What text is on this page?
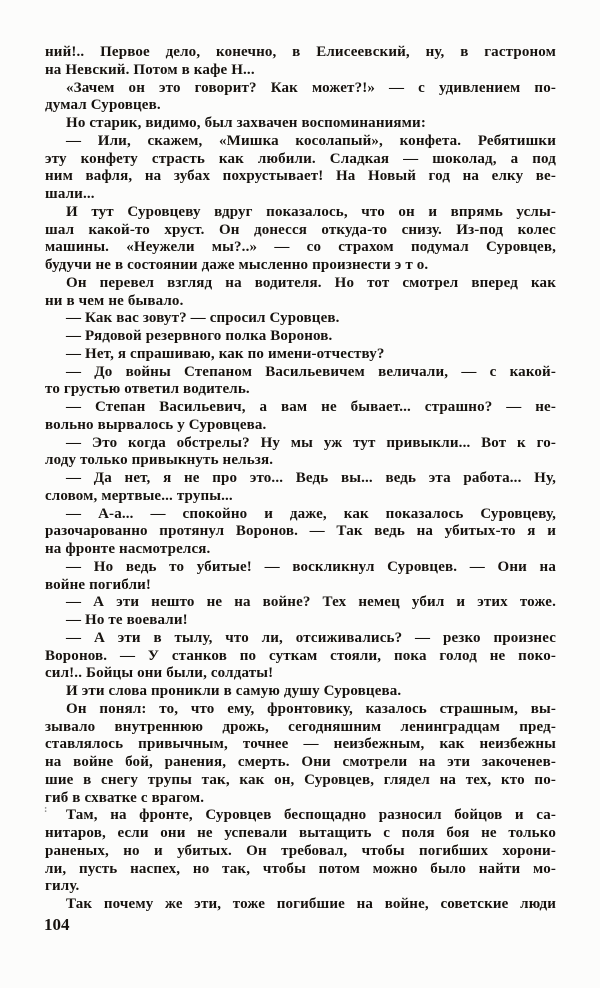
:
ний!.. Первое дело, конечно, в Елисеевский, ну, в гастроном
на Невский. Потом в кафе Н...
«Зачем он это говорит? Как может?!» — с удивлением по-
думал Суровцев.
Но старик, видимо, был захвачен воспоминаниями:
— Или, скажем, «Мишка косолапый», конфета. Ребятишки
эту конфету страсть как любили. Сладкая — шоколад, а под
ним вафля, на зубах похрустывает! На Новый год на елку ве-
шали...
И тут Суровцеву вдруг показалось, что он и впрямь услы-
шал какой-то хруст. Он донесся откуда-то снизу. Из-под колес
машины. «Неужели мы?..» — со страхом подумал Суровцев,
будучи не в состоянии даже мысленно произнести э т о.
Он перевел взгляд на водителя. Но тот смотрел вперед как
ни в чем не бывало.
— Как вас зовут? — спросил Суровцев.
— Рядовой резервного полка Воронов.
— Нет, я спрашиваю, как по имени-отчеству?
— До войны Степаном Васильевичем величали, — с какой-
то грустью ответил водитель.
— Степан Васильевич, а вам не бывает... страшно? — не-
вольно вырвалось у Суровцева.
— Это когда обстрелы? Ну мы уж тут привыкли... Вот к го-
лоду только привыкнуть нельзя.
— Да нет, я не про это... Ведь вы... ведь эта работа... Ну,
словом, мертвые... трупы...
— А-а... — спокойно и даже, как показалось Суровцеву,
разочарованно протянул Воронов. — Так ведь на убитых-то я и
на фронте насмотрелся.
— Но ведь то убитые! — воскликнул Суровцев. — Они на
войне погибли!
— А эти нешто не на войне? Тех немец убил и этих тоже.
— Но те воевали!
— А эти в тылу, что ли, отсиживались? — резко произнес
Воронов. — У станков по суткам стояли, пока голод не поко-
сил!.. Бойцы они были, солдаты!
И эти слова проникли в самую душу Суровцева.
Он понял: то, что ему, фронтовику, казалось страшным, вы-
зывало внутреннюю дрожь, сегодняшним ленинградцам пред-
ставлялось привычным, точнее — неизбежным, как неизбежны
на войне бой, ранения, смерть. Они смотрели на эти закоченев-
шие в снегу трупы так, как он, Суровцев, глядел на тех, кто по-
гиб в схватке с врагом.
Там, на фронте, Суровцев беспощадно разносил бойцов и са-
нитаров, если они не успевали вытащить с поля боя не только
раненых, но и убитых. Он требовал, чтобы погибших хорони-
ли, пусть наспех, но так, чтобы потом можно было найти мо-
гилу.
Так почему же эти, тоже погибшие на войне, советские люди
104
